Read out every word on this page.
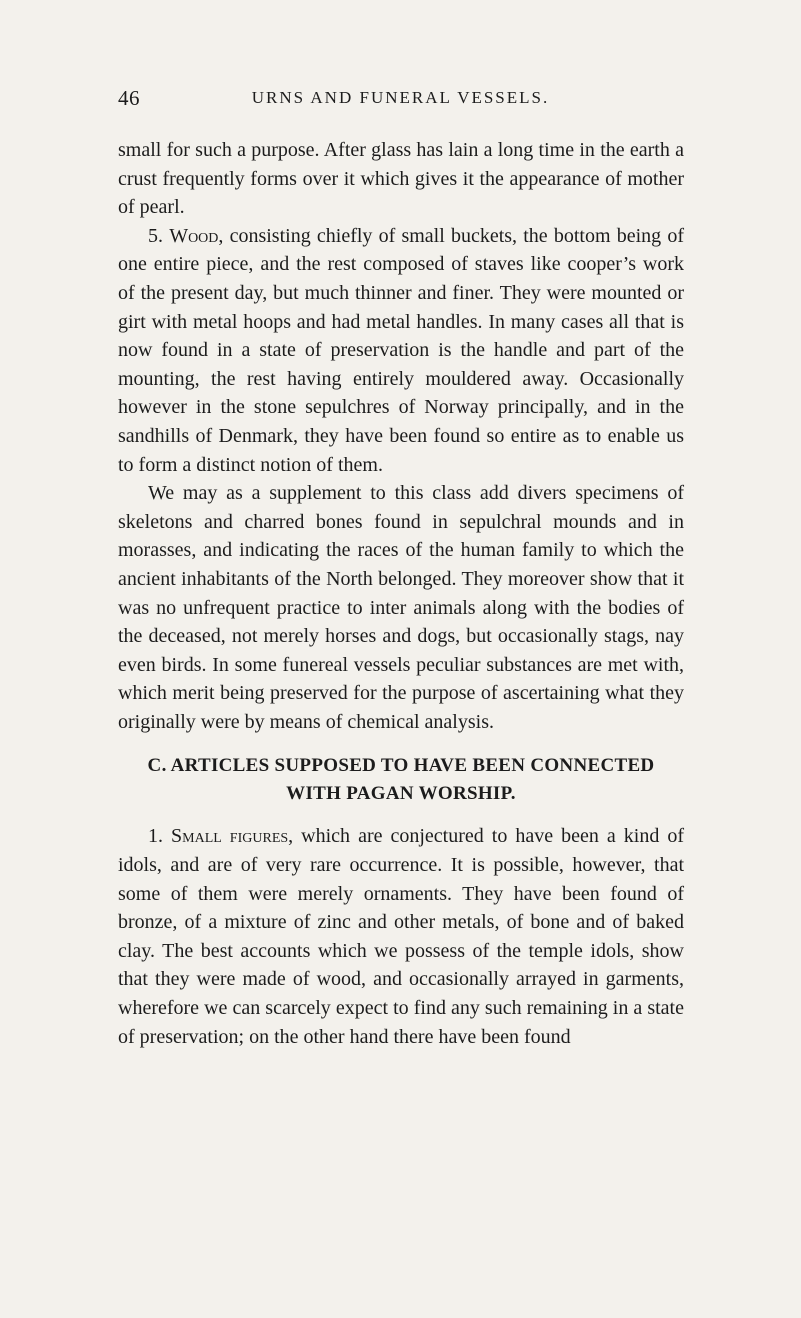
46	URNS AND FUNERAL VESSELS.

small for such a purpose. After glass has lain a long time in the earth a crust frequently forms over it which gives it the appearance of mother of pearl.

5. Wood, consisting chiefly of small buckets, the bottom being of one entire piece, and the rest composed of staves like cooper’s work of the present day, but much thinner and finer. They were mounted or girt with metal hoops and had metal handles. In many cases all that is now found in a state of preservation is the handle and part of the mounting, the rest having entirely mouldered away. Occasionally however in the stone sepulchres of Norway principally, and in the sandhills of Denmark, they have been found so entire as to enable us to form a distinct notion of them.

We may as a supplement to this class add divers specimens of skeletons and charred bones found in sepulchral mounds and in morasses, and indicating the races of the human family to which the ancient inhabitants of the North belonged. They moreover show that it was no unfrequent practice to inter animals along with the bodies of the deceased, not merely horses and dogs, but occasionally stags, nay even birds. In some funereal vessels peculiar substances are met with, which merit being preserved for the purpose of ascertaining what they originally were by means of chemical analysis.

C. ARTICLES SUPPOSED TO HAVE BEEN CONNECTED
WITH PAGAN WORSHIP.

1. Small figures, which are conjectured to have been a kind of idols, and are of very rare occurrence. It is possible, however, that some of them were merely ornaments. They have been found of bronze, of a mixture of zinc and other metals, of bone and of baked clay. The best accounts which we possess of the temple idols, show that they were made of wood, and occasionally arrayed in garments, wherefore we can scarcely expect to find any such remaining in a state of preservation; on the other hand there have been found
